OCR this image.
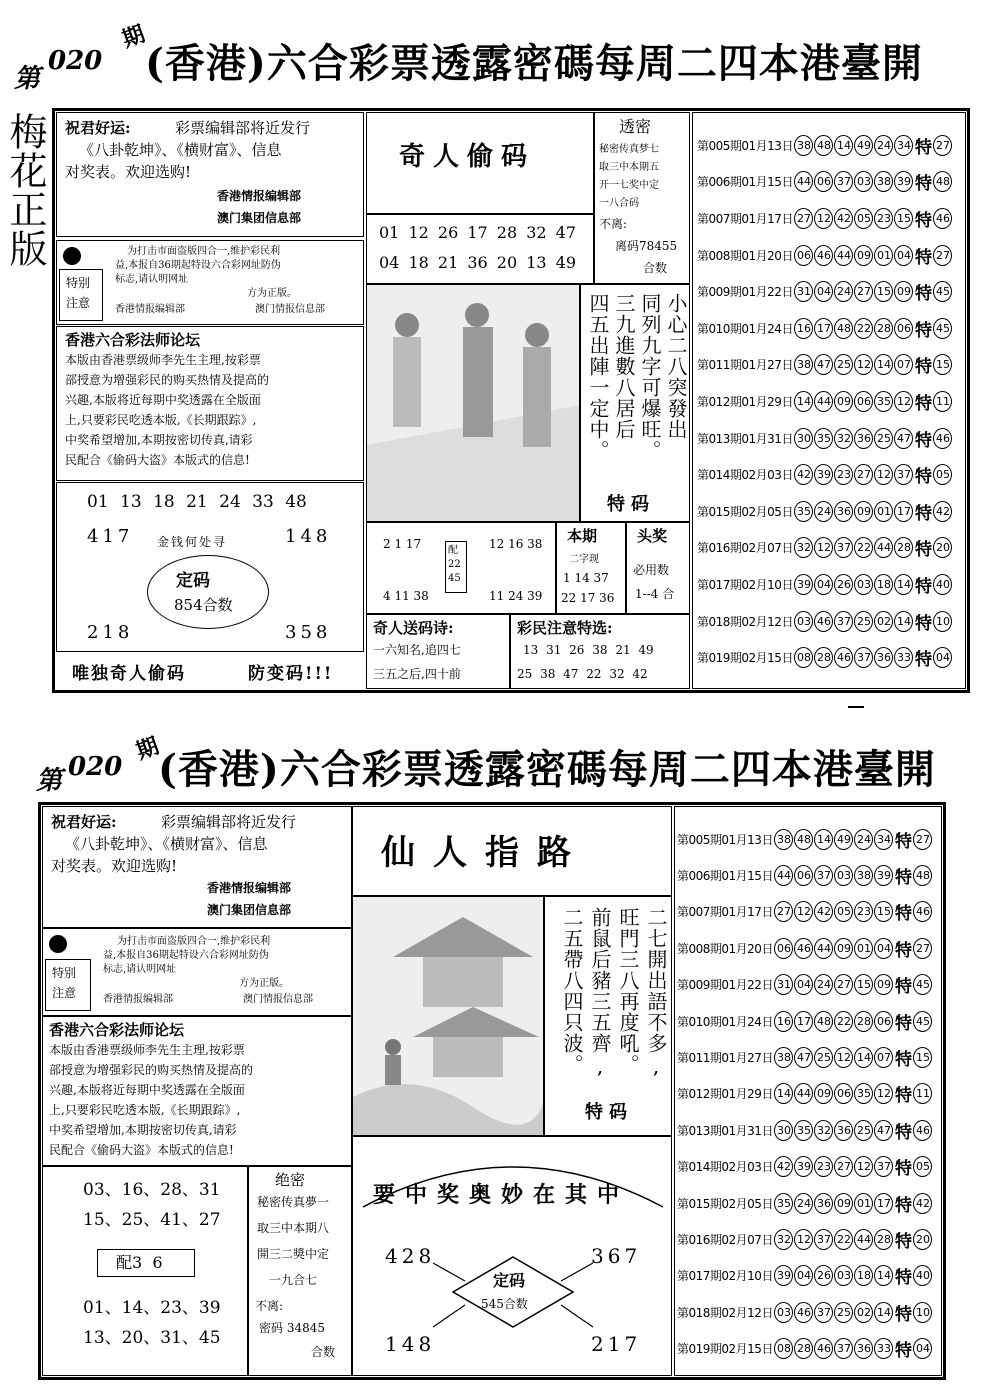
第
020
期
(香港)六合彩票透露密碼每周二四本港臺開
梅花正版 祝君好运:	彩票编辑部将近发行
《八卦乾坤》、《横财富》、信息
对奖表。欢迎选购!
香港情报编辑部
澳门集团信息部
特别
注意
为打击市面盗版四合一,维护彩民利
益,本报自36期起特设六合彩网址防伪
标志,请认明网址
方为正版。
香港情报编辑部	澳门情报信息部
香港六合彩法师论坛
本版由香港票级师李先生主理,按彩票
部授意为增强彩民的购买热情及提高的
兴趣,本版将近每期中奖透露在全版面
上,只要彩民吃透本版,《长期跟踪》,
中奖希望增加,本期按密切传真,请彩
民配合《偷码大盗》本版式的信息!
01 13 18 21 24 33 48
417	148
218	358
金钱何处寻
定码
854合数
唯独奇人偷码	防变码!!!
奇人偷码
01 12 26 17 28 32 47
04 18 21 36 20 13 49
透密
秘密传真梦七
取三中本期五
开一七奖中定
一八合码
不离:
离码78455
合数
小心二八突發出
同列九字可爆旺。
三九進數八居后
四五出陣一定中。
特码
2 1 17
4 11 38
配
22
45
12 16 38
11 24 39
本期
二字现
1 14 37
22 17 36
头奖
必用数
1--4 合
奇人送码诗:
一六知名,追四七
三五之后,四十前
彩民注意特选:
13 31 26 38 21 49
25 38 47 22 32 42
第005期01月13日 38 48 14 49 24 34 特 27
第006期01月15日 44 06 37 03 38 39 特 48
第007期01月17日 27 12 42 05 23 15 特 46
第008期01月20日 06 46 44 09 01 04 特 27
第009期01月22日 31 04 24 27 15 09 特 45
第010期01月24日 16 17 48 22 28 06 特 45
第011期01月27日 38 47 25 12 14 07 特 15
第012期01月29日 14 44 09 06 35 12 特 11
第013期01月31日 30 35 32 36 25 47 特 46
第014期02月03日 42 39 23 27 12 37 特 05
第015期02月05日 35 24 36 09 01 17 特 42
第016期02月07日 32 12 37 22 44 28 特 20
第017期02月10日 39 04 26 03 18 14 特 40
第018期02月12日 03 46 37 25 02 14 特 10
第019期02月15日 08 28 46 37 36 33 特 04
第 020
期
(香港)六合彩票透露密碼每周二四本港臺開
祝君好运:	彩票编辑部将近发行
《八卦乾坤》、《横财富》、信息
对奖表。欢迎选购!
香港情报编辑部
澳门集团信息部
特别
注意
为打击市面盗版四合一,维护彩民利
益,本报自36期起特设六合彩网址防伪
标志,请认明网址
方为正版。
香港情报编辑部	澳门情报信息部
香港六合彩法师论坛
本版由香港票级师李先生主理,按彩票
部授意为增强彩民的购买热情及提高的
兴趣,本版将近每期中奖透露在全版面
上,只要彩民吃透本版,《长期跟踪》,
中奖希望增加,本期按密切传真,请彩
民配合《偷码大盗》本版式的信息!
03、16、28、31
15、25、41、27
配3  6
01、14、23、39
13、20、31、45
绝密
秘密传真夢一
取三中本期八
開三二獎中定
一九合七
不离:
密码 34845
合数
仙人指路
二七開出語不多,
旺門三八再度吼。
前鼠后豬三五齊,
二五帶八四只波。
特码
要中奖奥妙在其中
428	367
148	217
定码
545合数
第005期01月13日 38 48 14 49 24 34 特 27
第006期01月15日 44 06 37 03 38 39 特 48
第007期01月17日 27 12 42 05 23 15 特 46
第008期01月20日 06 46 44 09 01 04 特 27
第009期01月22日 31 04 24 27 15 09 特 45
第010期01月24日 16 17 48 22 28 06 特 45
第011期01月27日 38 47 25 12 14 07 特 15
第012期01月29日 14 44 09 06 35 12 特 11
第013期01月31日 30 35 32 36 25 47 特 46
第014期02月03日 42 39 23 27 12 37 特 05
第015期02月05日 35 24 36 09 01 17 特 42
第016期02月07日 32 12 37 22 44 28 特 20
第017期02月10日 39 04 26 03 18 14 特 40
第018期02月12日 03 46 37 25 02 14 特 10
第019期02月15日 08 28 46 37 36 33 特 04
